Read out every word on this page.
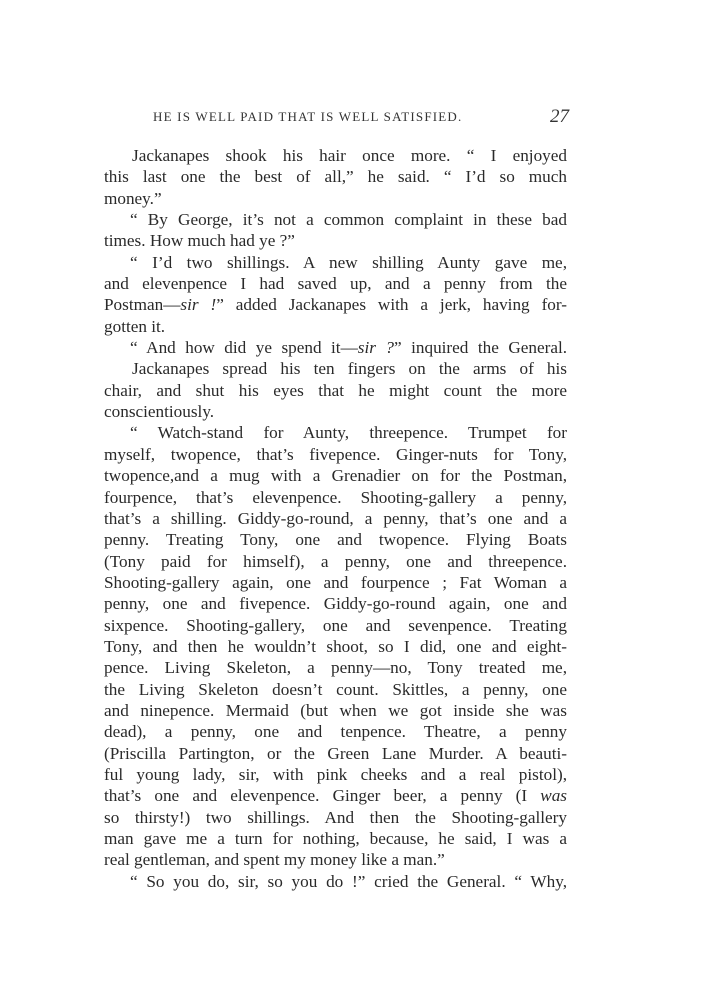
HE IS WELL PAID THAT IS WELL SATISFIED.	27
Jackanapes shook his hair once more. “ I enjoyed
this last one the best of all,” he said. “ I’d so much
money.”
“ By George, it’s not a common complaint in these bad
times. How much had ye ?”
“ I’d two shillings. A new shilling Aunty gave me,
and elevenpence I had saved up, and a penny from the
Postman—sir !” added Jackanapes with a jerk, having for-
gotten it.
“ And how did ye spend it—sir ?” inquired the General.
Jackanapes spread his ten fingers on the arms of his
chair, and shut his eyes that he might count the more
conscientiously.
“ Watch-stand for Aunty, threepence. Trumpet for
myself, twopence, that’s fivepence. Ginger-nuts for Tony,
twopence,and a mug with a Grenadier on for the Postman,
fourpence, that’s elevenpence. Shooting-gallery a penny,
that’s a shilling. Giddy-go-round, a penny, that’s one and a
penny. Treating Tony, one and twopence. Flying Boats
(Tony paid for himself), a penny, one and threepence.
Shooting-gallery again, one and fourpence ; Fat Woman a
penny, one and fivepence. Giddy-go-round again, one and
sixpence. Shooting-gallery, one and sevenpence. Treating
Tony, and then he wouldn’t shoot, so I did, one and eight-
pence. Living Skeleton, a penny—no, Tony treated me,
the Living Skeleton doesn’t count. Skittles, a penny, one
and ninepence. Mermaid (but when we got inside she was
dead), a penny, one and tenpence. Theatre, a penny
(Priscilla Partington, or the Green Lane Murder. A beauti-
ful young lady, sir, with pink cheeks and a real pistol),
that’s one and elevenpence. Ginger beer, a penny (I was
so thirsty!) two shillings. And then the Shooting-gallery
man gave me a turn for nothing, because, he said, I was a
real gentleman, and spent my money like a man.”
“ So you do, sir, so you do !” cried the General. “ Why,
